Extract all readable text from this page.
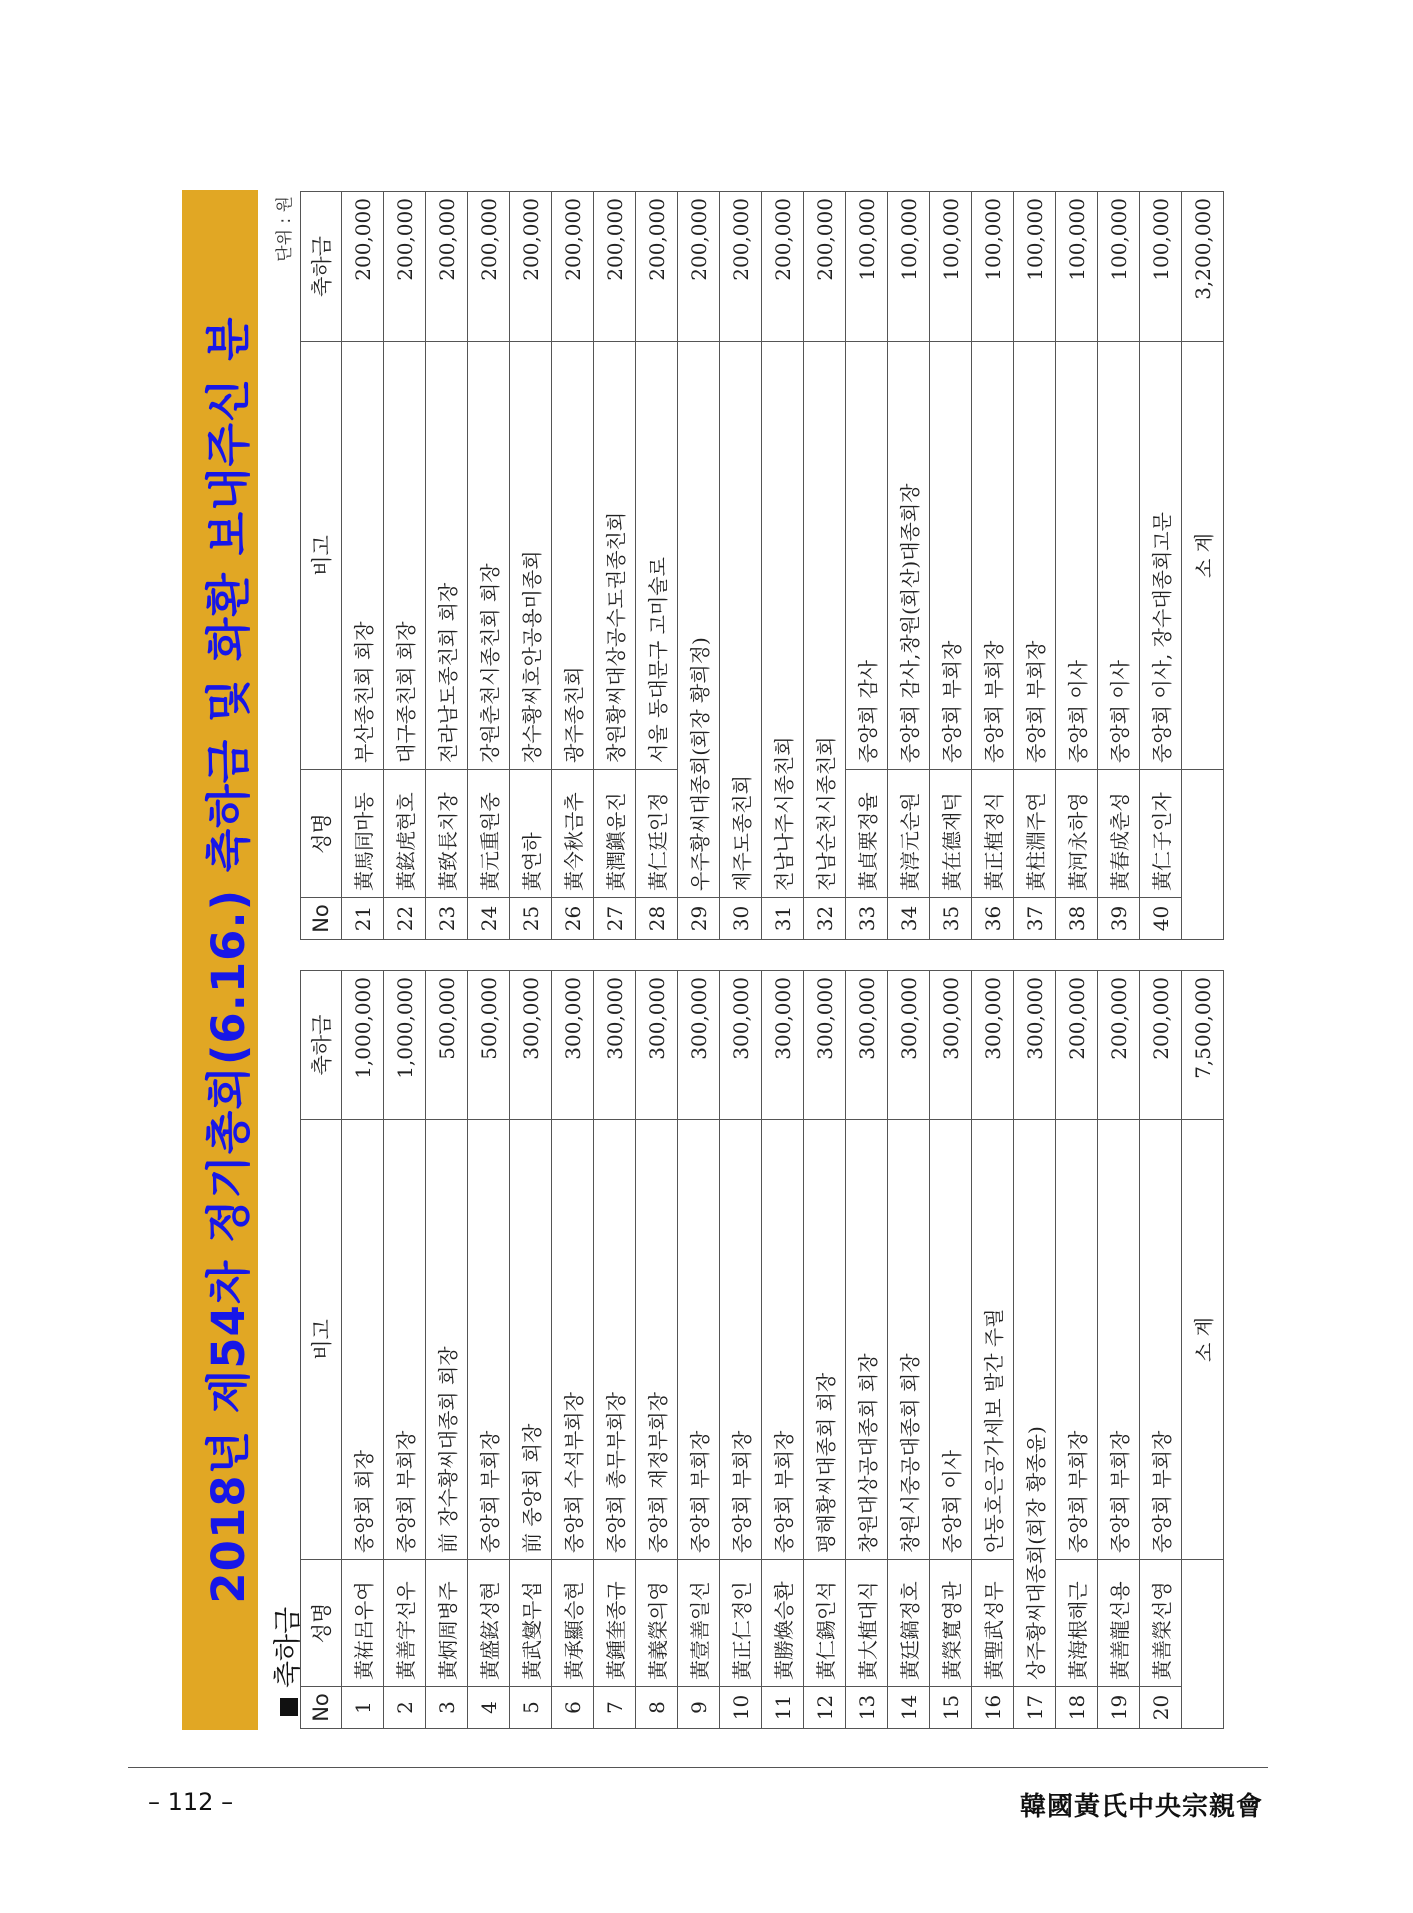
2018년 제54차 정기총회(6.16.) 축하금 및 화환 보내주신 분
축하금
단위 : 원
No	성명	비고	축하금
1	黃祐呂우여	중앙회 회장	1,000,000
2	黃善宇선우	중앙회 부회장	1,000,000
3	黃炳周병주	前 장수황씨대종회 회장	500,000
4	黃盛鉉성현	중앙회 부회장	500,000
5	黃武燮무섭	前 중앙회 회장	300,000
6	黃承顯승현	중앙회 수석부회장	300,000
7	黃鍾奎종규	중앙회 총무부회장	300,000
8	黃義榮의영	중앙회 재정부회장	300,000
9	黃壹善일선	중앙회 부회장	300,000
10	黃正仁정인	중앙회 부회장	300,000
11	黃勝煥승환	중앙회 부회장	300,000
12	黃仁錫인석	평해황씨대종회 회장	300,000
13	黃大植대식	창원대상공대종회 회장	300,000
14	黃廷鎬정호	창원시중공대종회 회장	300,000
15	黃榮寬영관	중앙회 이사	300,000
16	黃聖武성무	안동호은공가세보 발간 주필	300,000
17	상주황씨대종회(회장 황종윤)		300,000
18	黃海根해근	중앙회 부회장	200,000
19	黃善龍선용	중앙회 부회장	200,000
20	黃善榮선영	중앙회 부회장	200,000
		소 계	7,500,000
No	성명	비고	축하금
21	黃馬同마동	부산종친회 회장	200,000
22	黃鉉虎현호	대구종친회 회장	200,000
23	黃致長치장	전라남도종친회 회장	200,000
24	黃元重원중	강원춘천시종친회 회장	200,000
25	黃연하	장수황씨호안공용미종회	200,000
26	黃今秋금추	광주종친회	200,000
27	黃潤鎭윤진	창원황씨대상공수도권종친회	200,000
28	黃仁廷인정	서울 동대문구 고미술로	200,000
29	우주황씨대종회(회장 황희정)		200,000
30	제주도종친회		200,000
31	전남나주시종친회		200,000
32	전남순천시종친회		200,000
33	黃貞栗정율	중앙회 감사	100,000
34	黃淳元순원	중앙회 감사,창원(회산)대종회장	100,000
35	黃在德재덕	중앙회 부회장	100,000
36	黃正植정식	중앙회 부회장	100,000
37	黃柱淵주연	중앙회 부회장	100,000
38	黃河永하영	중앙회 이사	100,000
39	黃春成춘성	중앙회 이사	100,000
40	黃仁子인자	중앙회 이사, 장수대종회고문	100,000
		소 계	3,200,000
– 112 –	韓國黃氏中央宗親會
